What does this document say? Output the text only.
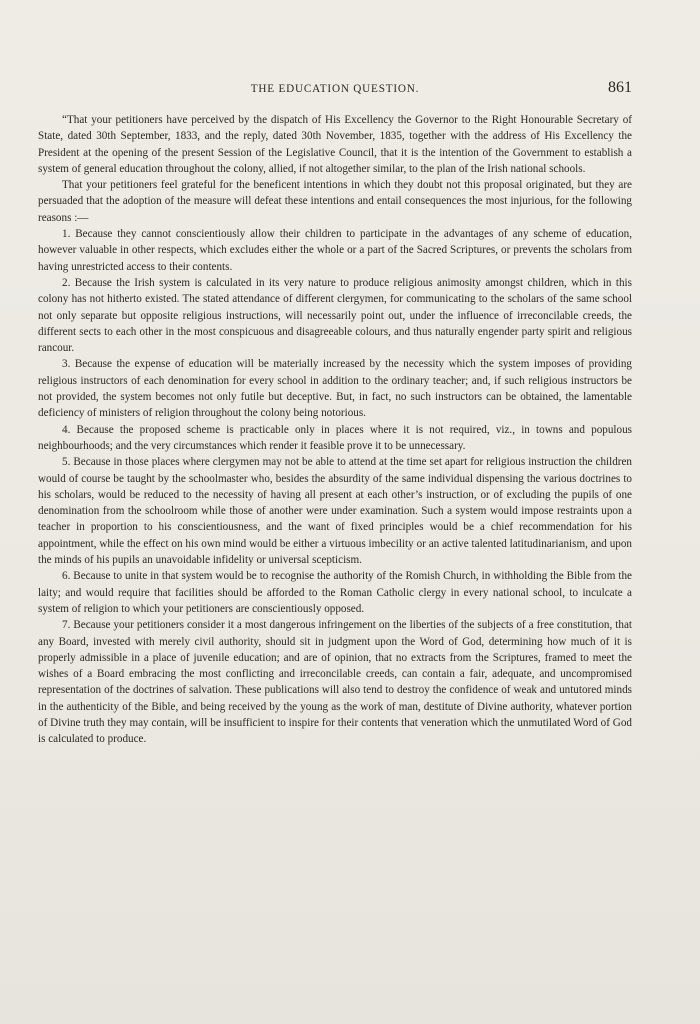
THE EDUCATION QUESTION.	861

“That your petitioners have perceived by the dispatch of His Excellency the Governor to the Right Honourable Secretary of State, dated 30th September, 1833, and the reply, dated 30th November, 1835, together with the address of His Excellency the President at the opening of the present Session of the Legislative Council, that it is the intention of the Government to establish a system of general education throughout the colony, allied, if not altogether similar, to the plan of the Irish national schools.

That your petitioners feel grateful for the beneficent intentions in which they doubt not this proposal originated, but they are persuaded that the adoption of the measure will defeat these intentions and entail consequences the most injurious, for the following reasons :—

1. Because they cannot conscientiously allow their children to participate in the advantages of any scheme of education, however valuable in other respects, which excludes either the whole or a part of the Sacred Scriptures, or prevents the scholars from having unrestricted access to their contents.

2. Because the Irish system is calculated in its very nature to produce religious animosity amongst children, which in this colony has not hitherto existed. The stated attendance of different clergymen, for communicating to the scholars of the same school not only separate but opposite religious instructions, will necessarily point out, under the influence of irreconcilable creeds, the different sects to each other in the most conspicuous and disagreeable colours, and thus naturally engender party spirit and religious rancour.

3. Because the expense of education will be materially increased by the necessity which the system imposes of providing religious instructors of each denomination for every school in addition to the ordinary teacher; and, if such religious instructors be not provided, the system becomes not only futile but deceptive. But, in fact, no such instructors can be obtained, the lamentable deficiency of ministers of religion throughout the colony being notorious.

4. Because the proposed scheme is practicable only in places where it is not required, viz., in towns and populous neighbourhoods; and the very circumstances which render it feasible prove it to be unnecessary.

5. Because in those places where clergymen may not be able to attend at the time set apart for religious instruction the children would of course be taught by the schoolmaster who, besides the absurdity of the same individual dispensing the various doctrines to his scholars, would be reduced to the necessity of having all present at each other’s instruction, or of excluding the pupils of one denomination from the schoolroom while those of another were under examination. Such a system would impose restraints upon a teacher in proportion to his conscientiousness, and the want of fixed principles would be a chief recommendation for his appointment, while the effect on his own mind would be either a virtuous imbecility or an active talented latitudinarianism, and upon the minds of his pupils an unavoidable infidelity or universal scepticism.

6. Because to unite in that system would be to recognise the authority of the Romish Church, in withholding the Bible from the laity; and would require that facilities should be afforded to the Roman Catholic clergy in every national school, to inculcate a system of religion to which your petitioners are conscientiously opposed.

7. Because your petitioners consider it a most dangerous infringement on the liberties of the subjects of a free constitution, that any Board, invested with merely civil authority, should sit in judgment upon the Word of God, determining how much of it is properly admissible in a place of juvenile education; and are of opinion, that no extracts from the Scriptures, framed to meet the wishes of a Board embracing the most conflicting and irreconcilable creeds, can contain a fair, adequate, and uncompromised representation of the doctrines of salvation. These publications will also tend to destroy the confidence of weak and untutored minds in the authenticity of the Bible, and being received by the young as the work of man, destitute of Divine authority, whatever portion of Divine truth they may contain, will be insufficient to inspire for their contents that veneration which the unmutilated Word of God is calculated to produce.
